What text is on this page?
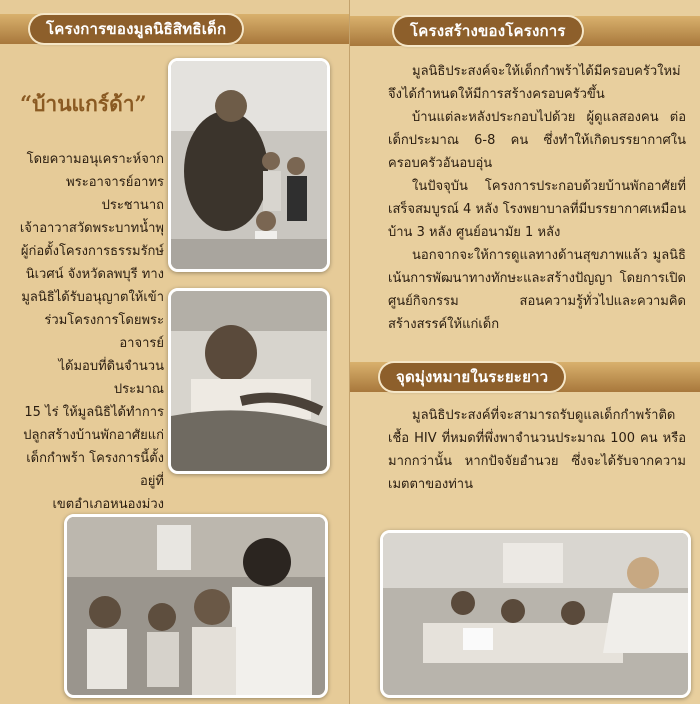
โครงการของมูลนิธิสิทธิเด็ก
“บ้านแกร์ด้า”
โดยความอนุเคราะห์จาก
พระอาจารย์อาทรประชานาถ
เจ้าอาวาสวัดพระบาทน้ำพุ
ผู้ก่อตั้งโครงการธรรมรักษ์
นิเวศน์ จังหวัดลพบุรี ทาง
มูลนิธิได้รับอนุญาตให้เข้า
ร่วมโครงการโดยพระอาจารย์
ได้มอบที่ดินจำนวนประมาณ
15 ไร่ ให้มูลนิธิได้ทำการ
ปลูกสร้างบ้านพักอาศัยแก่
เด็กกำพร้า โครงการนี้ตั้งอยู่ที่
เขตอำเภอหนองม่วง
โครงสร้างของโครงการ

มูลนิธิประสงค์จะให้เด็กกำพร้าได้มีครอบครัวใหม่ จึงได้กำหนดให้มีการสร้างครอบครัวขึ้น

บ้านแต่ละหลังประกอบไปด้วย ผู้ดูแลสองคน ต่อเด็กประมาณ 6-8 คน ซึ่งทำให้เกิดบรรยากาศในครอบครัวอันอบอุ่น

ในปัจจุบัน โครงการประกอบด้วยบ้านพักอาศัยที่เสร็จสมบูรณ์ 4 หลัง โรงพยาบาลที่มีบรรยากาศเหมือนบ้าน 3 หลัง ศูนย์อนามัย 1 หลัง

นอกจากจะให้การดูแลทางด้านสุขภาพแล้ว มูลนิธิเน้นการพัฒนาทางทักษะและสร้างปัญญา โดยการเปิดศูนย์กิจกรรม สอนความรู้ทั่วไปและความคิดสร้างสรรค์ให้แก่เด็ก

จุดมุ่งหมายในระยะยาว

มูลนิธิประสงค์ที่จะสามารถรับดูแลเด็กกำพร้าติดเชื้อ HIV ที่หมดที่พึ่งพาจำนวนประมาณ 100 คน หรือมากกว่านั้น หากปัจจัยอำนวย ซึ่งจะได้รับจากความเมตตาของท่าน
